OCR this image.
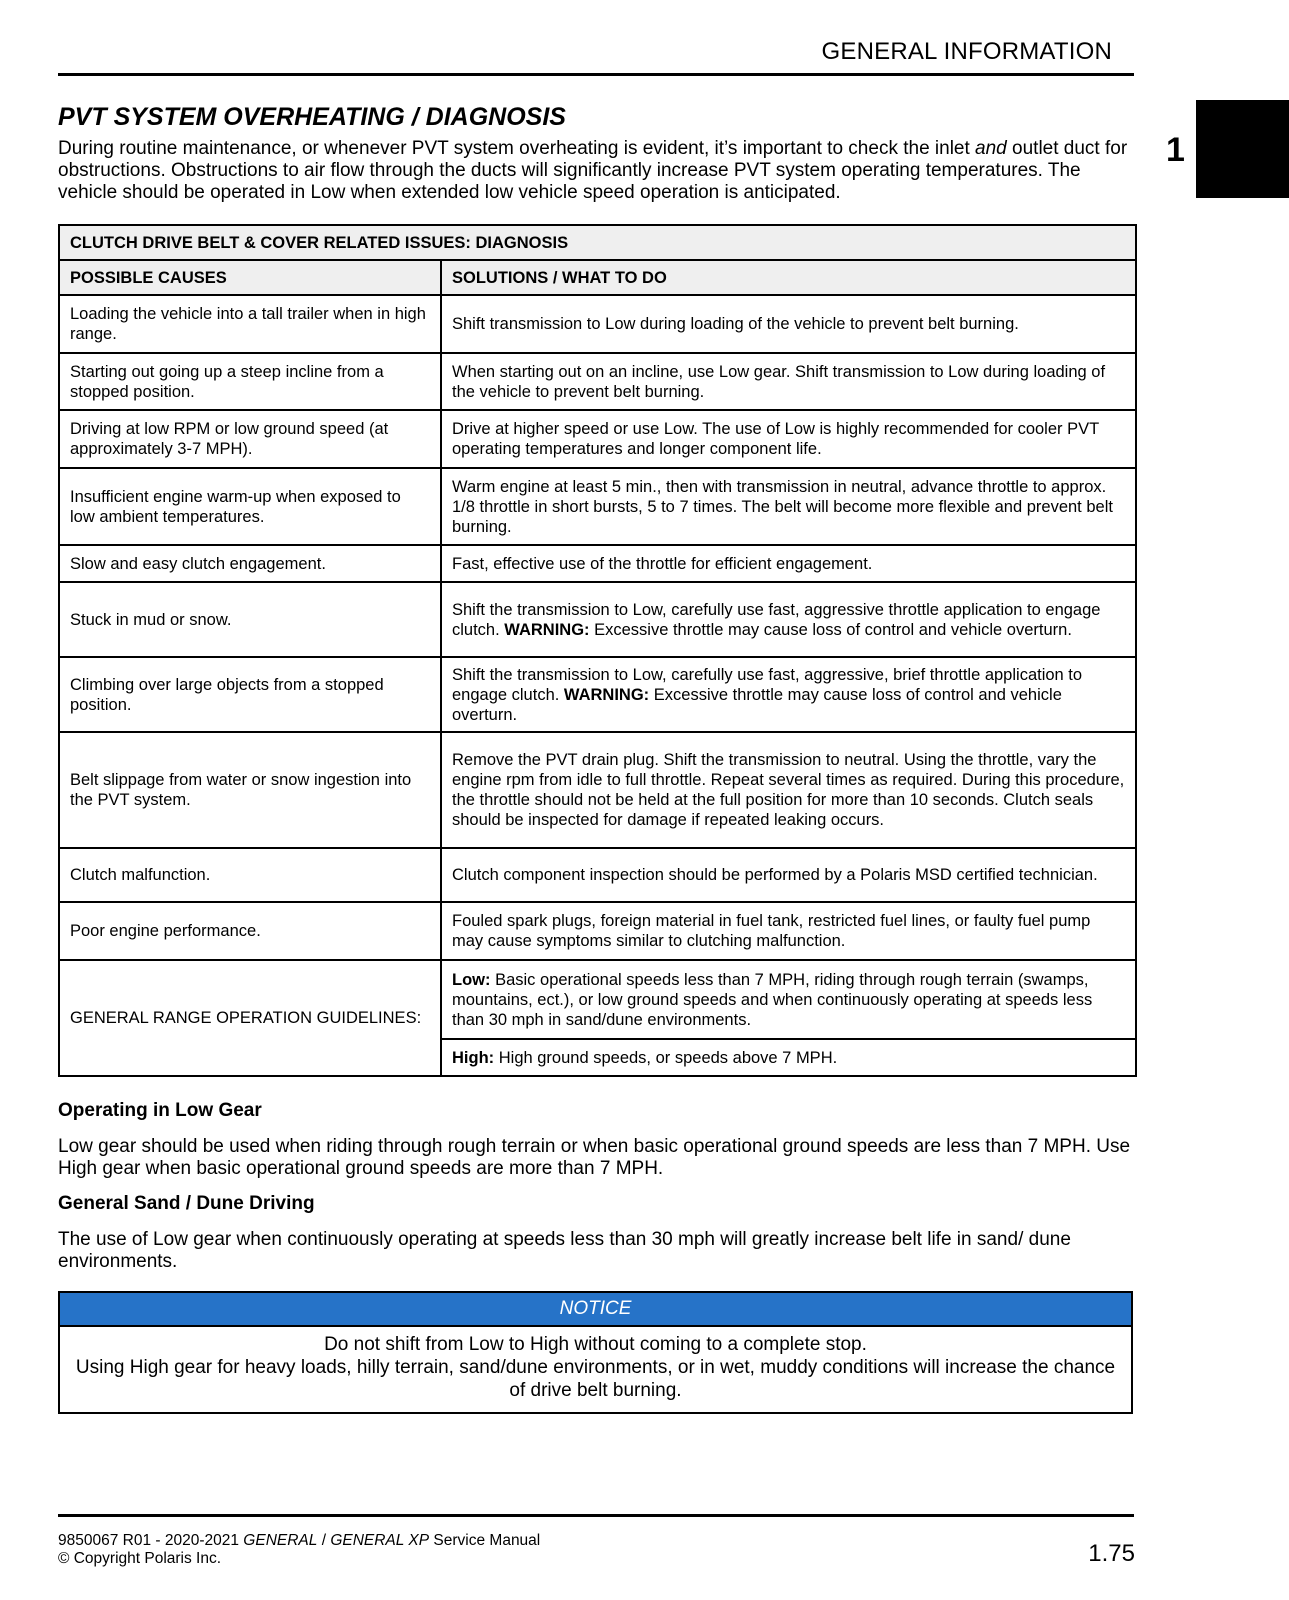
GENERAL INFORMATION
1
PVT SYSTEM OVERHEATING / DIAGNOSIS
During routine maintenance, or whenever PVT system overheating is evident, it’s important to check the inlet and outlet duct for obstructions. Obstructions to air flow through the ducts will significantly increase PVT system operating temperatures. The vehicle should be operated in Low when extended low vehicle speed operation is anticipated.
CLUTCH DRIVE BELT & COVER RELATED ISSUES: DIAGNOSIS	
POSSIBLE CAUSES	SOLUTIONS / WHAT TO DO
Loading the vehicle into a tall trailer when in high range.	Shift transmission to Low during loading of the vehicle to prevent belt burning.
Starting out going up a steep incline from a stopped position.	When starting out on an incline, use Low gear. Shift transmission to Low during loading of the vehicle to prevent belt burning.
Driving at low RPM or low ground speed (at approximately 3-7 MPH).	Drive at higher speed or use Low. The use of Low is highly recommended for cooler PVT operating temperatures and longer component life.
Insufficient engine warm-up when exposed to low ambient temperatures.	Warm engine at least 5 min., then with transmission in neutral, advance throttle to approx. 1/8 throttle in short bursts, 5 to 7 times. The belt will become more flexible and prevent belt burning.
Slow and easy clutch engagement.	Fast, effective use of the throttle for efficient engagement.
Stuck in mud or snow.	Shift the transmission to Low, carefully use fast, aggressive throttle application to engage clutch. WARNING: Excessive throttle may cause loss of control and vehicle overturn.
Climbing over large objects from a stopped position.	Shift the transmission to Low, carefully use fast, aggressive, brief throttle application to engage clutch. WARNING: Excessive throttle may cause loss of control and vehicle overturn.
Belt slippage from water or snow ingestion into the PVT system.	Remove the PVT drain plug. Shift the transmission to neutral. Using the throttle, vary the engine rpm from idle to full throttle. Repeat several times as required. During this procedure, the throttle should not be held at the full position for more than 10 seconds. Clutch seals should be inspected for damage if repeated leaking occurs.
Clutch malfunction.	Clutch component inspection should be performed by a Polaris MSD certified technician.
Poor engine performance.	Fouled spark plugs, foreign material in fuel tank, restricted fuel lines, or faulty fuel pump may cause symptoms similar to clutching malfunction.
GENERAL RANGE OPERATION GUIDELINES:	Low: Basic operational speeds less than 7 MPH, riding through rough terrain (swamps, mountains, ect.), or low ground speeds and when continuously operating at speeds less than 30 mph in sand/dune environments.
	High: High ground speeds, or speeds above 7 MPH.
Operating in Low Gear
Low gear should be used when riding through rough terrain or when basic operational ground speeds are less than 7 MPH. Use High gear when basic operational ground speeds are more than 7 MPH.
General Sand / Dune Driving
The use of Low gear when continuously operating at speeds less than 30 mph will greatly increase belt life in sand/ dune environments.
NOTICE
Do not shift from Low to High without coming to a complete stop.
Using High gear for heavy loads, hilly terrain, sand/dune environments, or in wet, muddy conditions will increase the chance of drive belt burning.
9850067 R01 - 2020-2021 GENERAL / GENERAL XP Service Manual
© Copyright Polaris Inc.	1.75
